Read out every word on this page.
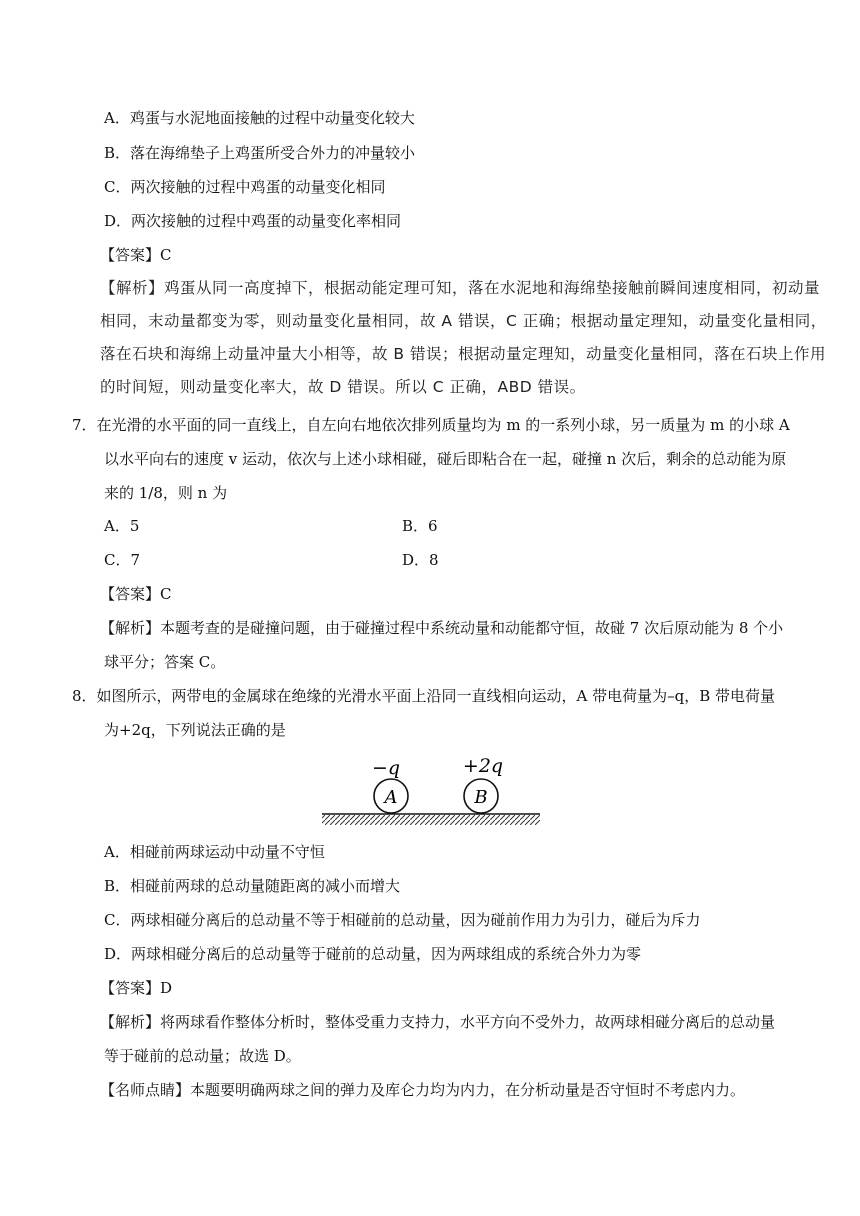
A．鸡蛋与水泥地面接触的过程中动量变化较大
B．落在海绵垫子上鸡蛋所受合外力的冲量较小
C．两次接触的过程中鸡蛋的动量变化相同
D．两次接触的过程中鸡蛋的动量变化率相同
【答案】C
【解析】鸡蛋从同一高度掉下，根据动能定理可知，落在水泥地和海绵垫接触前瞬间速度相同，初动量
相同，末动量都变为零，则动量变化量相同，故 A 错误，C 正确；根据动量定理知，动量变化量相同，
落在石块和海绵上动量冲量大小相等，故 B 错误；根据动量定理知，动量变化量相同，落在石块上作用
的时间短，则动量变化率大，故 D 错误。所以 C 正确，ABD 错误。
7．在光滑的水平面的同一直线上，自左向右地依次排列质量均为 m 的一系列小球，另一质量为 m 的小球 A
以水平向右的速度 v 运动，依次与上述小球相碰，碰后即粘合在一起，碰撞 n 次后，剩余的总动能为原
来的 1/8，则 n 为
A．5	B．6
C．7	D．8
【答案】C
【解析】本题考查的是碰撞问题，由于碰撞过程中系统动量和动能都守恒，故碰 7 次后原动能为 8 个小
球平分；答案 C。
8．如图所示，两带电的金属球在绝缘的光滑水平面上沿同一直线相向运动，A 带电荷量为–q，B 带电荷量
为+2q，下列说法正确的是
A	B
−q	+2q
A．相碰前两球运动中动量不守恒
B．相碰前两球的总动量随距离的减小而增大
C．两球相碰分离后的总动量不等于相碰前的总动量，因为碰前作用力为引力，碰后为斥力
D．两球相碰分离后的总动量等于碰前的总动量，因为两球组成的系统合外力为零
【答案】D
【解析】将两球看作整体分析时，整体受重力支持力，水平方向不受外力，故两球相碰分离后的总动量
等于碰前的总动量；故选 D。
【名师点睛】本题要明确两球之间的弹力及库仑力均为内力，在分析动量是否守恒时不考虑内力。
